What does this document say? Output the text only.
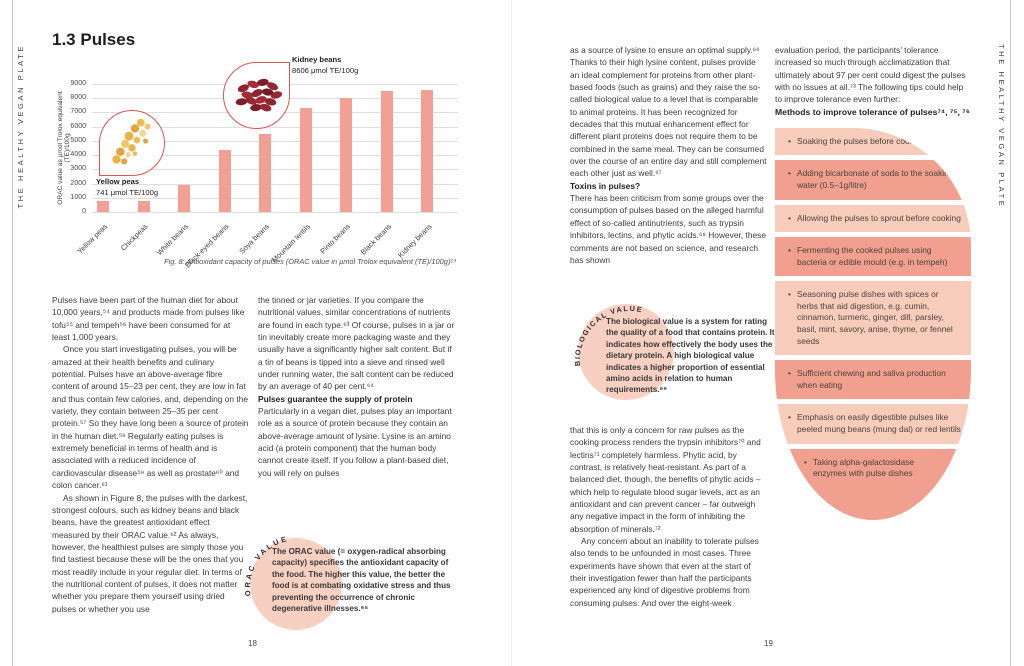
THE HEALTHY VEGAN PLATE	THE HEALTHY VEGAN PLATE
1.3 Pulses
ORAC value as μmol Trolox equivalent (TE)/100g
0
1000
2000
3000
4000
5000
6000
7000
8000
9000
Yellow peas Chickpeas White beans
Black-eyed beans Soya beans
Mountain lentils Pinto beans Black beans Kidney beans
Yellow peas
741 μmol TE/100g
Kidney beans
8606 μmol TE/100g
Fig. 8: Antioxidant capacity of pulses (ORAC value in μmol Trolox equivalent (TE)/100g)⁵³

Pulses have been part of the human diet for about 10,000 years,⁵⁴ and products made from pulses like tofu⁵⁵ and tempeh⁵⁶ have been consumed for at least 1,000 years.

Once you start investigating pulses, you will be amazed at their health benefits and culinary potential. Pulses have an above-average fibre content of around 15–23 per cent, they are low in fat and thus contain few calories, and, depending on the variety, they contain between 25–35 per cent protein.⁵⁷ So they have long been a source of protein in the human diet.⁵⁸ Regularly eating pulses is extremely beneficial in terms of health and is associated with a reduced incidence of cardiovascular disease⁵⁹ as well as prostate⁶⁰ and colon cancer.⁶¹

As shown in Figure 8, the pulses with the darkest, strongest colours, such as kidney beans and black beans, have the greatest antioxidant effect measured by their ORAC value.⁶² As always, however, the healthiest pulses are simply those you find tastiest because these will be the ones that you most readily include in your regular diet. In terms of the nutritional content of pulses, it does not matter whether you prepare them yourself using dried pulses or whether you use

the tinned or jar varieties. If you compare the nutritional values, similar concentrations of nutrients are found in each type.⁶³ Of course, pulses in a jar or tin inevitably create more packaging waste and they usually have a significantly higher salt content. But if a tin of beans is tipped into a sieve and rinsed well under running water, the salt content can be reduced by an average of 40 per cent.⁶⁴

Pulses guarantee the supply of protein

Particularly in a vegan diet, pulses play an important role as a source of protein because they contain an above-average amount of lysine. Lysine is an amino acid (a protein component) that the human body cannot create itself. If you follow a plant-based diet, you will rely on pulses

ORAC VALUE
The ORAC value (= oxygen-radical absorbing capacity) specifies the antioxidant capacity of the food. The higher this value, the better the food is at combating oxidative stress and thus preventing the occurrence of chronic degenerative illnesses.⁶⁵

as a source of lysine to ensure an optimal supply.⁶⁶ Thanks to their high lysine content, pulses provide an ideal complement for proteins from other plant-based foods (such as grains) and they raise the so-called biological value to a level that is comparable to animal proteins. It has been recognized for decades that this mutual enhancement effect for different plant proteins does not require them to be combined in the same meal. They can be consumed over the course of an entire day and still complement each other just as well.⁶⁷

Toxins in pulses?

There has been criticism from some groups over the consumption of pulses based on the alleged harmful effect of so-called antinutrients, such as trypsin inhibitors, lectins, and phytic acids.⁶⁸ However, these comments are not based on science, and research has shown

BIOLOGICAL VALUE
The biological value is a system for rating the quality of a food that contains protein. It indicates how effectively the body uses the dietary protein. A high biological value indicates a higher proportion of essential amino acids in relation to human requirements.⁶⁹

that this is only a concern for raw pulses as the cooking process renders the trypsin inhibitors⁷⁰ and lectins⁷¹ completely harmless. Phytic acid, by contrast, is relatively heat-resistant. As part of a balanced diet, though, the benefits of phytic acids – which help to regulate blood sugar levels, act as an antioxidant and can prevent cancer – far outweigh any negative impact in the form of inhibiting the absorption of minerals.⁷²

Any concern about an inability to tolerate pulses also tends to be unfounded in most cases. Three experiments have shown that even at the start of their investigation fewer than half the participants experienced any kind of digestive problems from consuming pulses. And over the eight-week

evaluation period, the participants’ tolerance increased so much through acclimatization that ultimately about 97 per cent could digest the pulses with no issues at all.⁷³ The following tips could help to improve tolerance even further:

Methods to improve tolerance of pulses⁷⁴, ⁷⁵, ⁷⁶

• Soaking the pulses before cooking
• Adding bicarbonate of soda to the soaking water (0.5–1g/litre)
• Allowing the pulses to sprout before cooking
• Fermenting the cooked pulses using bacteria or edible mould (e.g. in tempeh)
• Seasoning pulse dishes with spices or herbs that aid digestion, e.g. cumin, cinnamon, turmeric, ginger, dill, parsley, basil, mint, savory, anise, thyme, or fennel seeds
• Sufficient chewing and saliva production when eating
• Emphasis on easily digestible pulses like peeled mung beans (mung dal) or red lentils
• Taking alpha-galactosidase enzymes with pulse dishes
18	19
